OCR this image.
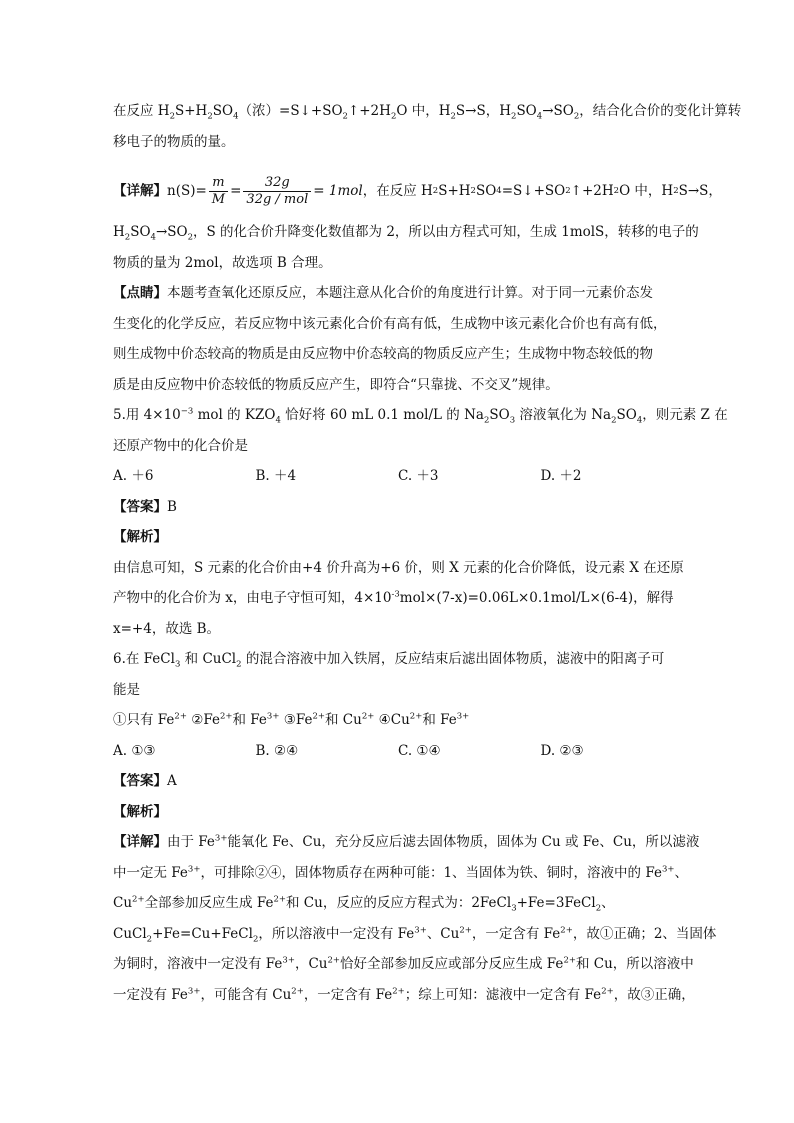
在反应 $H_2S+H_2SO_4$（浓）$=S↓+SO_2↑+2H_2O$ 中，$H_2S\to S$，$H_2SO_4\to SO_2$，结合化合价的变化计算转
移电子的物质的量。
【详解】 $n(S)= \frac{m}{M} = \frac{32g}{\text{32g / mol}} = 1mol$ ，在反应 H 2 S+H 2 SO 4 =S↓+SO 2 ↑+2H 2 O 中，H 2 S→S，
$H_2SO_4\to SO_2$，S 的化合价升降变化数值都为 2，所以由方程式可知，生成 1molS，转移的电子的
物质的量为 2mol，故选项 B 合理。
【点睛】本题考查氧化还原反应，本题注意从化合价的角度进行计算。对于同一元素价态发
生变化的化学反应，若反应物中该元素化合价有高有低，生成物中该元素化合价也有高有低，
则生成物中价态较高的物质是由反应物中价态较高的物质反应产生；生成物中物态较低的物
质是由反应物中价态较低的物质反应产生，即符合“只靠拢、不交叉”规律。
5.用 $4\times 10^{-3}$ mol 的 $KZO_4$ 恰好将 60 mL 0.1 mol/L 的 $Na_2SO_3$ 溶液氧化为 $Na_2SO_4$，则元素 Z 在
还原产物中的化合价是
A. ＋6	B. ＋4	C. ＋3	D. ＋2
【答案】B
【解析】
由信息可知，S 元素的化合价由+4 价升高为+6 价，则 X 元素的化合价降低，设元素 X 在还原
产物中的化合价为 x，由电子守恒可知，$4\times 10^{-3}mol\times(7-x)=0.06L\times 0.1mol/L\times(6-4)$，解得
x=+4，故选 B。
6.在 FeCl$_3$ 和 CuCl$_2$ 的混合溶液中加入铁屑，反应结束后滤出固体物质，滤液中的阳离子可
能是
①只有 $Fe^{2+}$ $②Fe^{2+}$和 $Fe^{3+}$ $③Fe^{2+}$和 $Cu^{2+}$ $④Cu^{2+}$和 $Fe^{3+}$
A. ①③	B. ②④	C. ①④	D. ②③
【答案】A
【解析】
【详解】由于 $Fe^{3+}$能氧化 Fe、Cu，充分反应后滤去固体物质，固体为 Cu 或 Fe、Cu，所以滤液
中一定无 $Fe^{3+}$，可排除②④，固体物质存在两种可能：1、当固体为铁、铜时，溶液中的 $Fe^{3+}$、
$Cu^{2+}$全部参加反应生成 $Fe^{2+}$和 Cu，反应的反应方程式为：2FeCl$_3$+Fe=3FeCl$_2$、
CuCl$_2$+Fe=Cu+FeCl$_2$，所以溶液中一定没有 $Fe^{3+}$、$Cu^{2+}$，一定含有 $Fe^{2+}$，故①正确；2、当固体
为铜时，溶液中一定没有 $Fe^{3+}$，$Cu^{2+}$恰好全部参加反应或部分反应生成 $Fe^{2+}$和 Cu，所以溶液中
一定没有 $Fe^{3+}$，可能含有 $Cu^{2+}$，一定含有 $Fe^{2+}$；综上可知：滤液中一定含有 $Fe^{2+}$，故③正确，
